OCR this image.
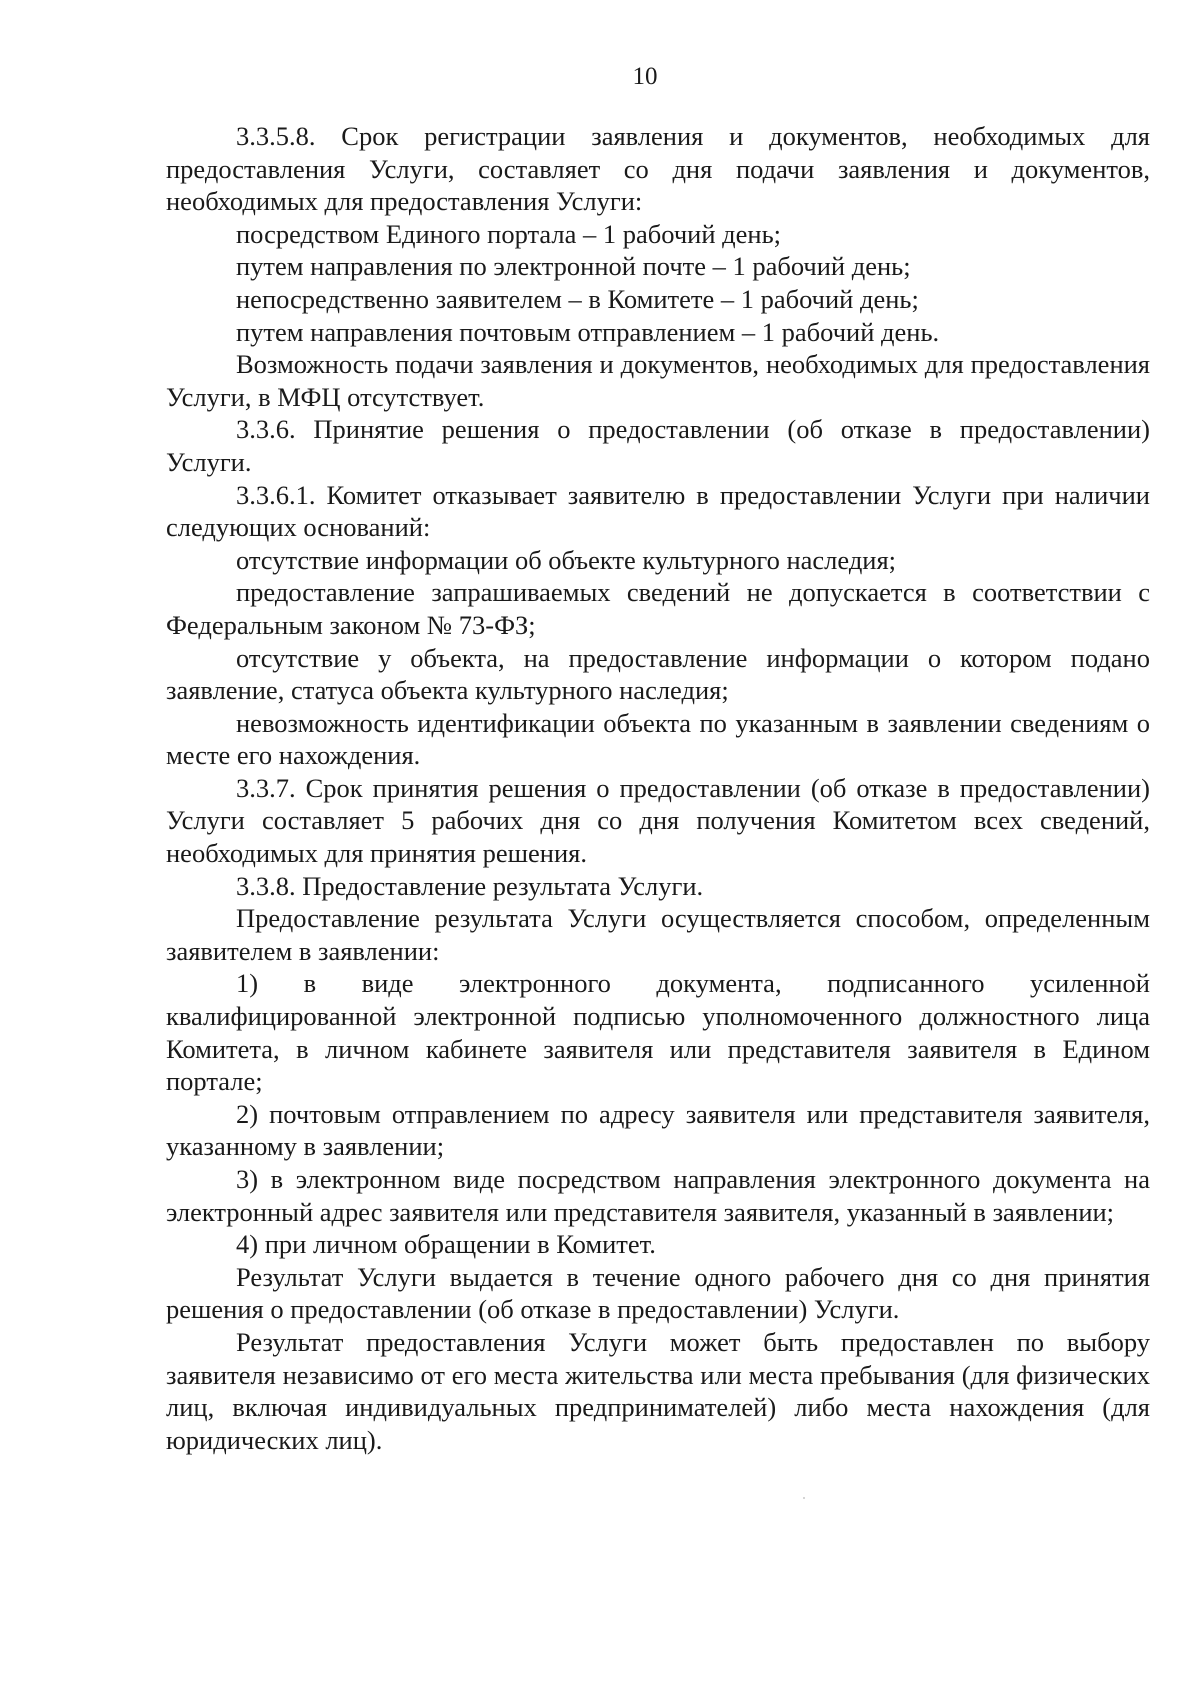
10

3.3.5.8. Срок регистрации заявления и документов, необходимых для предоставления Услуги, составляет со дня подачи заявления и документов, необходимых для предоставления Услуги:

посредством Единого портала – 1 рабочий день;

путем направления по электронной почте – 1 рабочий день;

непосредственно заявителем – в Комитете – 1 рабочий день;

путем направления почтовым отправлением – 1 рабочий день.

Возможность подачи заявления и документов, необходимых для предоставления Услуги, в МФЦ отсутствует.

3.3.6. Принятие решения о предоставлении (об отказе в предоставлении) Услуги.

3.3.6.1. Комитет отказывает заявителю в предоставлении Услуги при наличии следующих оснований:

отсутствие информации об объекте культурного наследия;

предоставление запрашиваемых сведений не допускается в соответствии с Федеральным законом № 73-ФЗ;

отсутствие у объекта, на предоставление информации о котором подано заявление, статуса объекта культурного наследия;

невозможность идентификации объекта по указанным в заявлении сведениям о месте его нахождения.

3.3.7. Срок принятия решения о предоставлении (об отказе в предоставлении) Услуги составляет 5 рабочих дня со дня получения Комитетом всех сведений, необходимых для принятия решения.

3.3.8. Предоставление результата Услуги.

Предоставление результата Услуги осуществляется способом, определенным заявителем в заявлении:

1) в виде электронного документа, подписанного усиленной квалифицированной электронной подписью уполномоченного должностного лица Комитета, в личном кабинете заявителя или представителя заявителя в Едином портале;

2) почтовым отправлением по адресу заявителя или представителя заявителя, указанному в заявлении;

3) в электронном виде посредством направления электронного документа на электронный адрес заявителя или представителя заявителя, указанный в заявлении;

4) при личном обращении в Комитет.

Результат Услуги выдается в течение одного рабочего дня со дня принятия решения о предоставлении (об отказе в предоставлении) Услуги.

Результат предоставления Услуги может быть предоставлен по выбору заявителя независимо от его места жительства или места пребывания (для физических лиц, включая индивидуальных предпринимателей) либо места нахождения (для юридических лиц).
